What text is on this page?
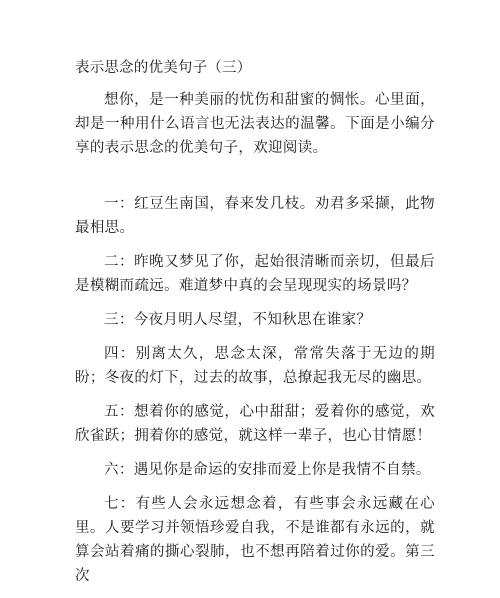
表示思念的优美句子（三）

想你，是一种美丽的忧伤和甜蜜的惆怅。心里面，却是一种用什么语言也无法表达的温馨。下面是小编分享的表示思念的优美句子，欢迎阅读。

一：红豆生南国，春来发几枝。劝君多采撷，此物最相思。

二：昨晚又梦见了你，起始很清晰而亲切，但最后是模糊而疏远。难道梦中真的会呈现现实的场景吗？

三：今夜月明人尽望，不知秋思在谁家？

四：别离太久，思念太深，常常失落于无边的期盼；冬夜的灯下，过去的故事，总撩起我无尽的幽思。

五：想着你的感觉，心中甜甜；爱着你的感觉，欢欣雀跃；拥着你的感觉，就这样一辈子，也心甘情愿！

六：遇见你是命运的安排而爱上你是我情不自禁。

七：有些人会永远想念着，有些事会永远藏在心里。人要学习并领悟珍爱自我，不是谁都有永远的，就算会站着痛的撕心裂肺，也不想再陪着过你的爱。第三次
